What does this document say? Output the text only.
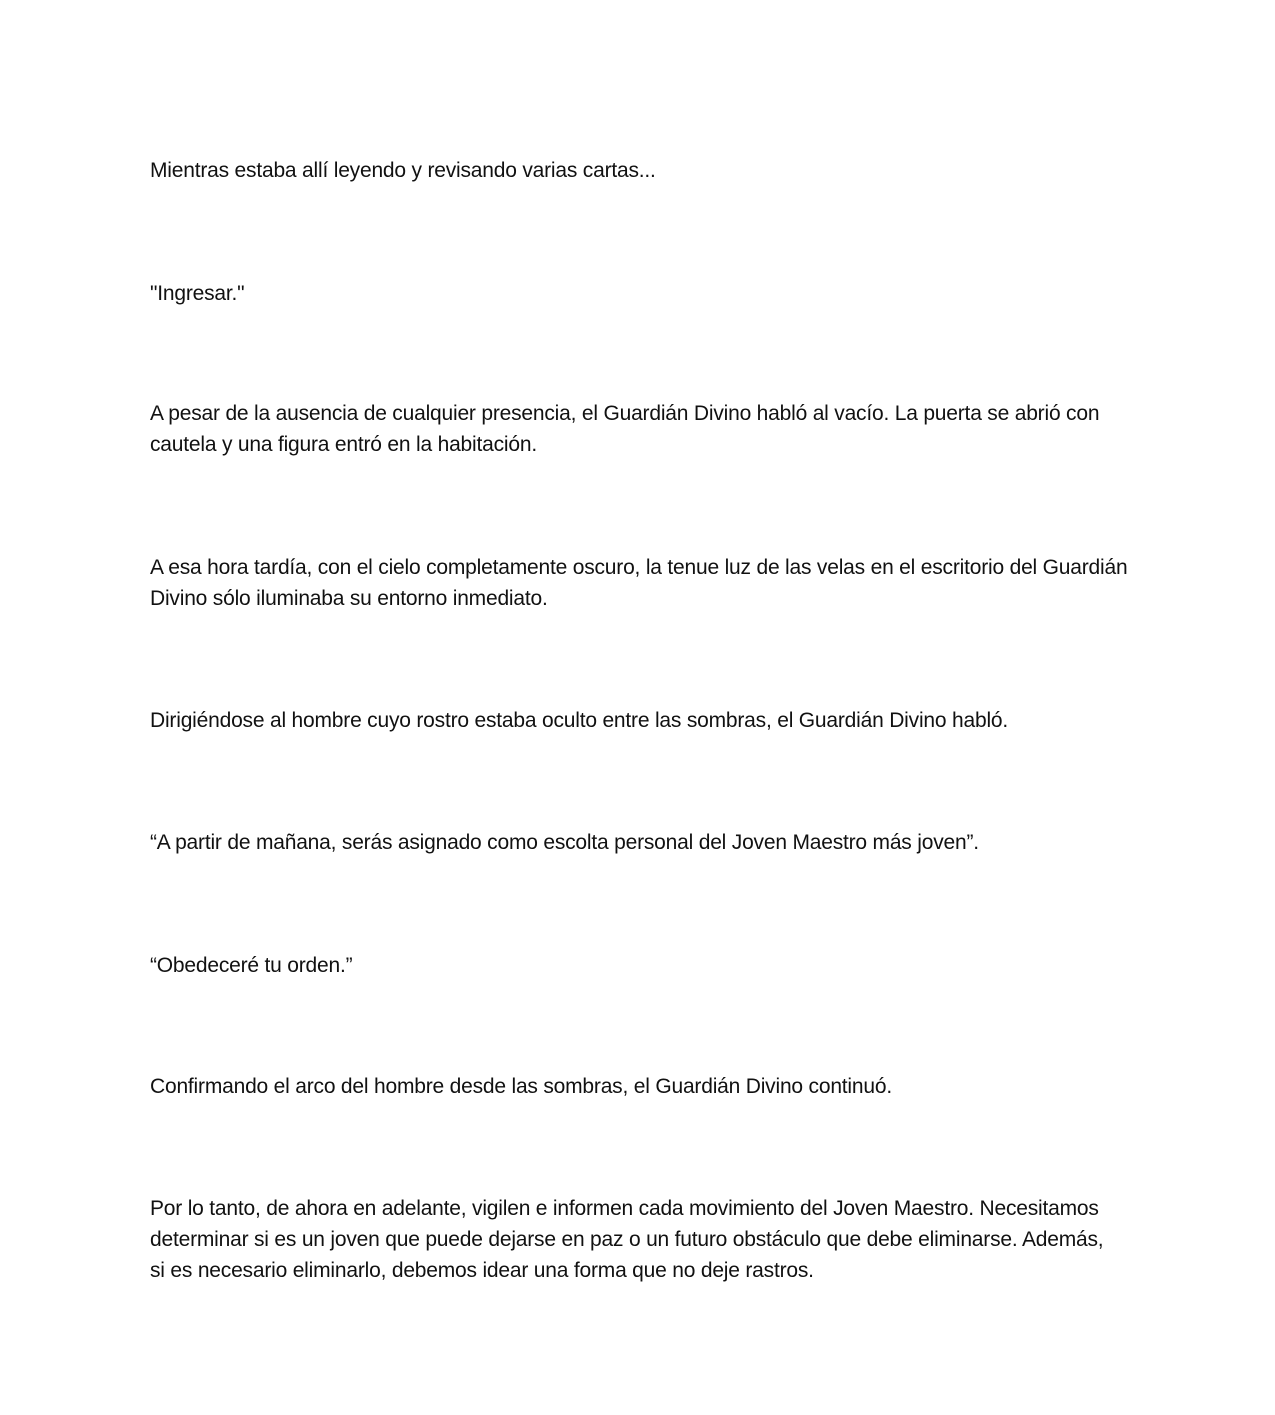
Mientras estaba allí leyendo y revisando varias cartas...

"Ingresar."

A pesar de la ausencia de cualquier presencia, el Guardián Divino habló al vacío. La puerta se abrió con cautela y una figura entró en la habitación.

A esa hora tardía, con el cielo completamente oscuro, la tenue luz de las velas en el escritorio del Guardián Divino sólo iluminaba su entorno inmediato.

Dirigiéndose al hombre cuyo rostro estaba oculto entre las sombras, el Guardián Divino habló.

“A partir de mañana, serás asignado como escolta personal del Joven Maestro más joven”.

“Obedeceré tu orden.”

Confirmando el arco del hombre desde las sombras, el Guardián Divino continuó.

Por lo tanto, de ahora en adelante, vigilen e informen cada movimiento del Joven Maestro. Necesitamos determinar si es un joven que puede dejarse en paz o un futuro obstáculo que debe eliminarse. Además, si es necesario eliminarlo, debemos idear una forma que no deje rastros.
